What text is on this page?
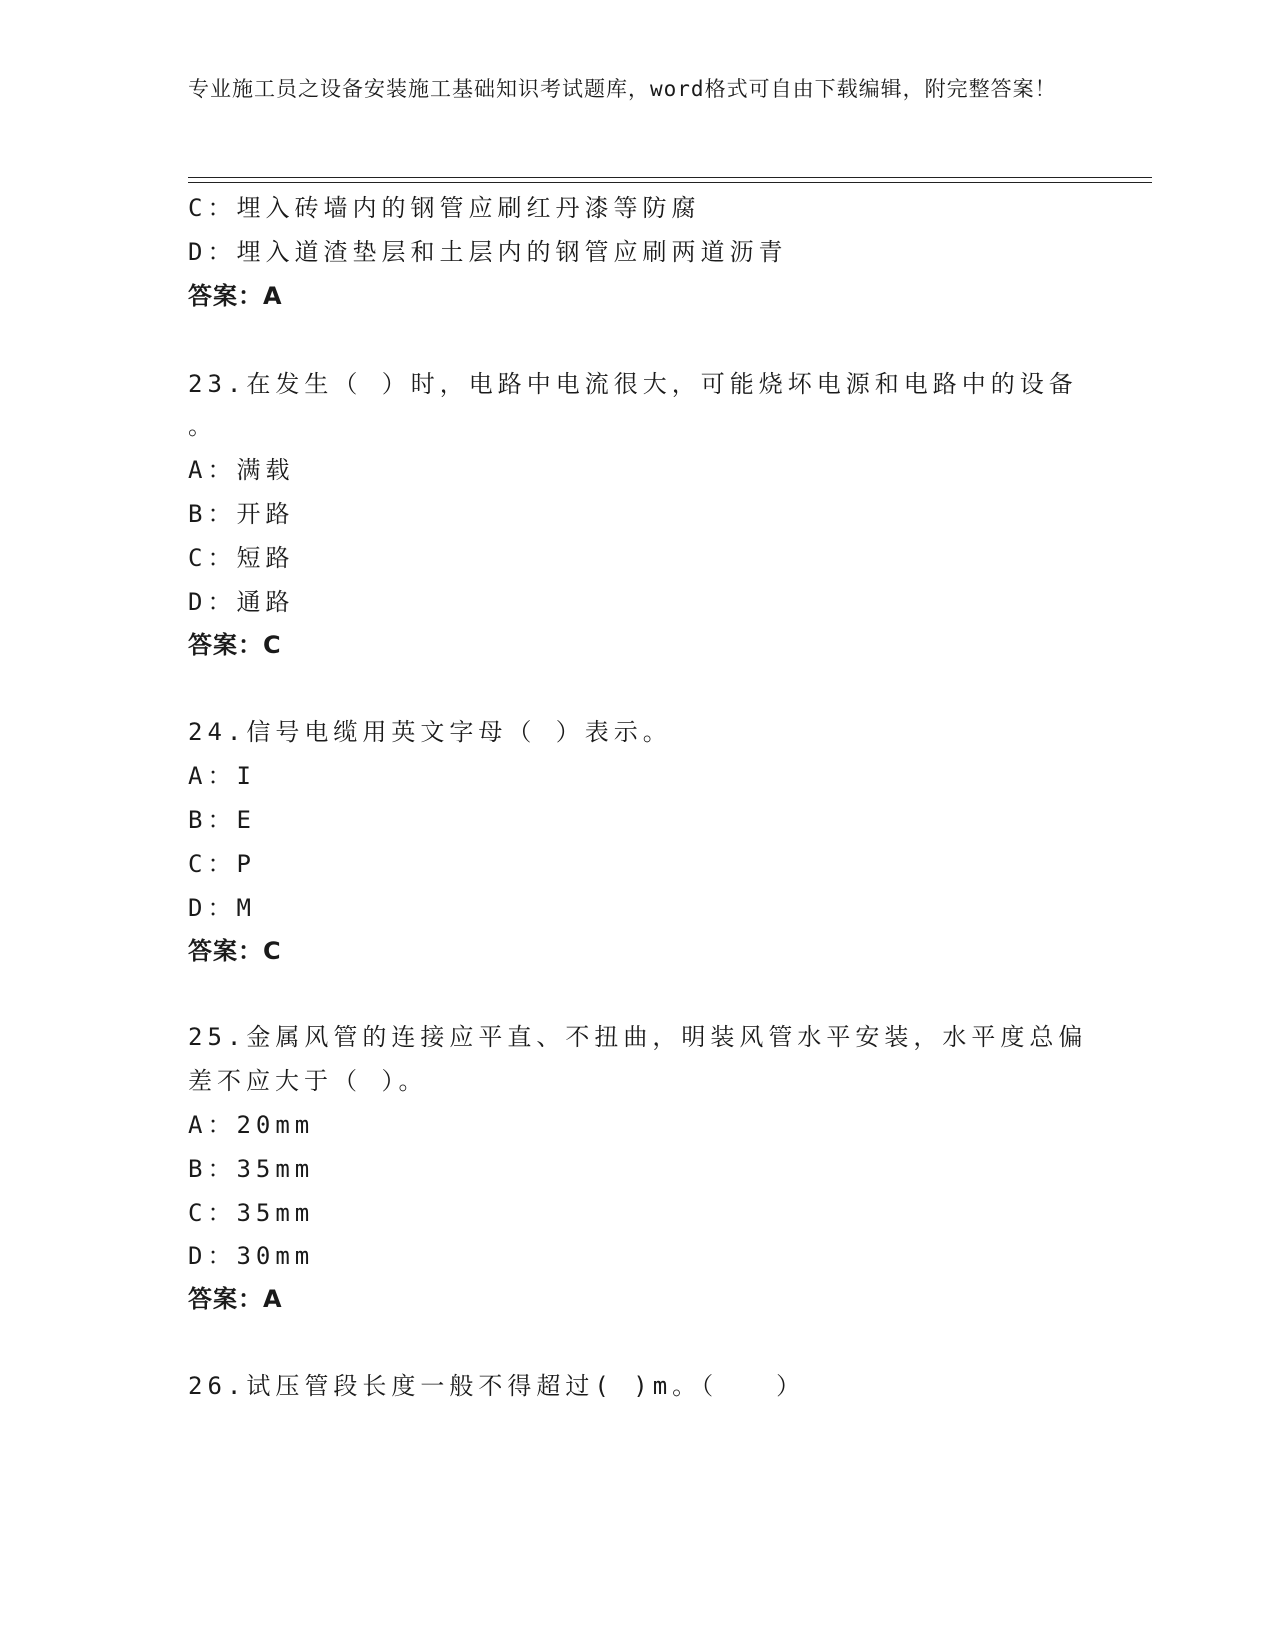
专业施工员之设备安装施工基础知识考试题库，word格式可自由下载编辑，附完整答案！
C：埋入砖墙内的钢管应刷红丹漆等防腐
D：埋入道渣垫层和土层内的钢管应刷两道沥青
答案：A
23.在发生（ ）时，电路中电流很大，可能烧坏电源和电路中的设备
。
A：满载
B：开路
C：短路
D：通路
答案：C
24.信号电缆用英文字母（ ）表示。
A：I
B：E
C：P
D：M
答案：C
25.金属风管的连接应平直、不扭曲，明装风管水平安装，水平度总偏
差不应大于（ ）。
A：20mm
B：35mm
C：35mm
D：30mm
答案：A
26.试压管段长度一般不得超过( )m。（　　）
